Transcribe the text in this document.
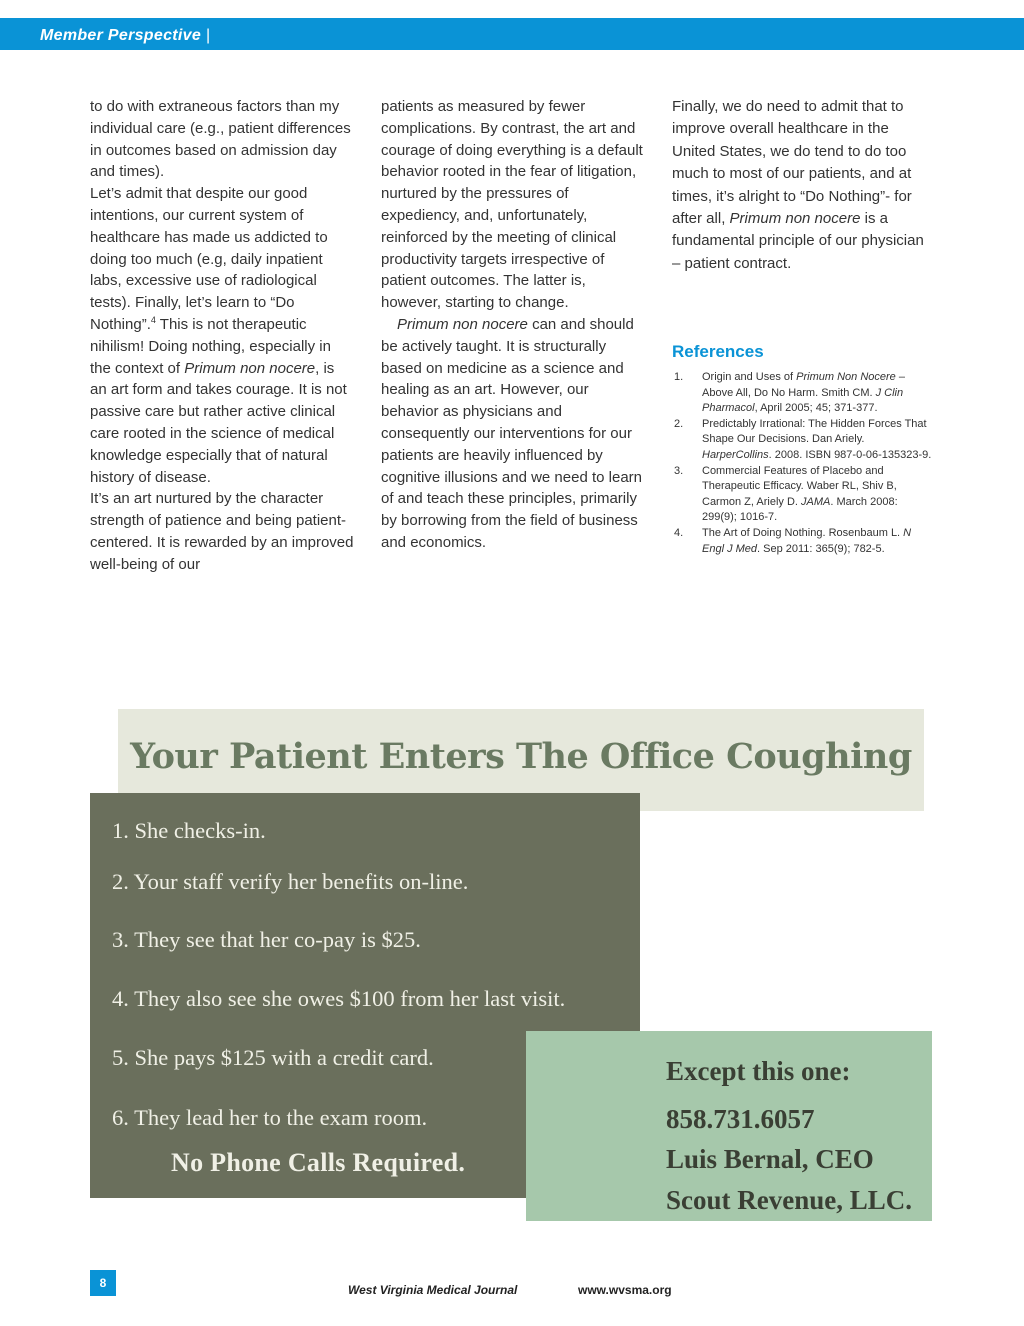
Member Perspective |

to do with extraneous factors than my individual care (e.g., patient differences in outcomes based on admission day and times).

Let’s admit that despite our good intentions, our current system of healthcare has made us addicted to doing too much (e.g, daily inpatient labs, excessive use of radiological tests). Finally, let’s learn to “Do Nothing”.$^4$ This is not therapeutic nihilism! Doing nothing, especially in the context of Primum non nocere, is an art form and takes courage. It is not passive care but rather active clinical care rooted in the science of medical knowledge especially that of natural history of disease.

It’s an art nurtured by the character strength of patience and being patient-centered. It is rewarded by an improved well-being of our

patients as measured by fewer complications. By contrast, the art and courage of doing everything is a default behavior rooted in the fear of litigation, nurtured by the pressures of expediency, and, unfortunately, reinforced by the meeting of clinical productivity targets irrespective of patient outcomes. The latter is, however, starting to change.

Primum non nocere can and should be actively taught. It is structurally based on medicine as a science and healing as an art. However, our behavior as physicians and consequently our interventions for our patients are heavily influenced by cognitive illusions and we need to learn of and teach these principles, primarily by borrowing from the field of business and economics.

Finally, we do need to admit that to improve overall healthcare in the United States, we do tend to do too much to most of our patients, and at times, it’s alright to “Do Nothing”- for after all, Primum non nocere is a fundamental principle of our physician – patient contract.

References
1. Origin and Uses of Primum Non Nocere – Above All, Do No Harm. Smith CM. J Clin Pharmacol, April 2005; 45; 371-377.
2. Predictably Irrational: The Hidden Forces That Shape Our Decisions. Dan Ariely. HarperCollins. 2008. ISBN 987-0-06-135323-9.
3. Commercial Features of Placebo and Therapeutic Efficacy. Waber RL, Shiv B, Carmon Z, Ariely D. JAMA. March 2008: 299(9); 1016-7.
4. The Art of Doing Nothing. Rosenbaum L. N Engl J Med. Sep 2011: 365(9); 782-5.
Your Patient Enters The Office Coughing

1. She checks-in.

2. Your staff verify her benefits on-line.

3. They see that her co-pay is $25.

4. They also see she owes $100 from her last visit.

5. She pays $125 with a credit card.

6. They lead her to the exam room.

No Phone Calls Required.
Except this one:
858.731.6057
Luis Bernal, CEO
Scout Revenue, LLC.
8	West Virginia Medical Journal	www.wvsma.org
